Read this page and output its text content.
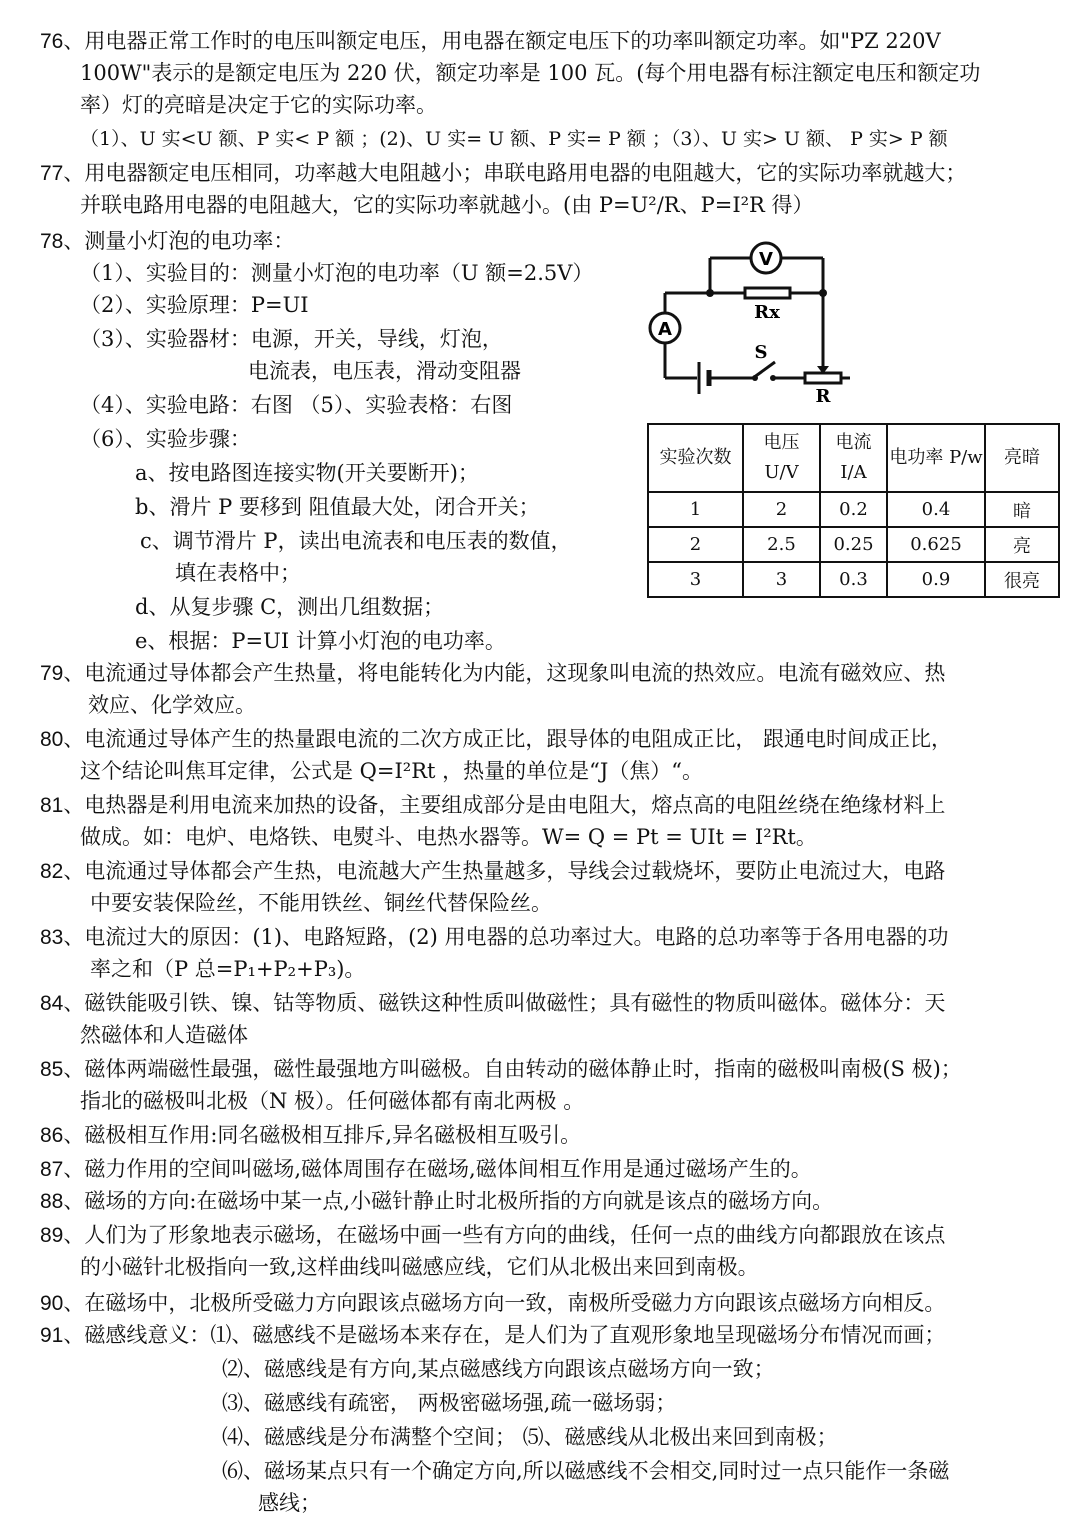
76、用电器正常工作时的电压叫额定电压，用电器在额定电压下的功率叫额定功率。如"PZ 220V
100W"表示的是额定电压为 220 伏，额定功率是 100 瓦。(每个用电器有标注额定电压和额定功
率）灯的亮暗是决定于它的实际功率。
（1）、U 实<U 额、P 实< P 额 ；(2)、U 实= U 额、P 实= P 额 ；（3）、U 实> U 额、 P 实> P 额
77、用电器额定电压相同，功率越大电阻越小；串联电路用电器的电阻越大，它的实际功率就越大；
并联电路用电器的电阻越大，它的实际功率就越小。(由 P=U²/R、P=I²R 得）
78、测量小灯泡的电功率：
（1）、实验目的：测量小灯泡的电功率（U 额=2.5V）
（2）、实验原理：P=UI
（3）、实验器材：电源，开关，导线，灯泡，
电流表，电压表，滑动变阻器
（4）、实验电路：右图 （5）、实验表格：右图
（6）、实验步骤：
a、按电路图连接实物(开关要断开)；
b、滑片 P 要移到 阻值最大处，闭合开关；
c、调节滑片 P，读出电流表和电压表的数值，
填在表格中；
d、从复步骤 C，测出几组数据；
e、根据：P=UI 计算小灯泡的电功率。
79、电流通过导体都会产生热量，将电能转化为内能，这现象叫电流的热效应。电流有磁效应、热
效应、化学效应。
80、电流通过导体产生的热量跟电流的二次方成正比，跟导体的电阻成正比， 跟通电时间成正比，
这个结论叫焦耳定律，公式是 Q=I²Rt ，热量的单位是“J（焦）“。
81、电热器是利用电流来加热的设备，主要组成部分是由电阻大，熔点高的电阻丝绕在绝缘材料上
做成。如：电炉、电烙铁、电熨斗、电热水器等。W= Q = Pt = UIt = I²Rt。
82、电流通过导体都会产生热，电流越大产生热量越多，导线会过载烧坏，要防止电流过大，电路
中要安装保险丝，不能用铁丝、铜丝代替保险丝。
83、电流过大的原因：(1)、电路短路，(2) 用电器的总功率过大。电路的总功率等于各用电器的功
率之和（P 总=P₁+P₂+P₃)。
84、磁铁能吸引铁、镍、钴等物质、磁铁这种性质叫做磁性；具有磁性的物质叫磁体。磁体分：天
然磁体和人造磁体
85、磁体两端磁性最强，磁性最强地方叫磁极。自由转动的磁体静止时，指南的磁极叫南极(S 极)；
指北的磁极叫北极（N 极）。任何磁体都有南北两极 。
86、磁极相互作用:同名磁极相互排斥,异名磁极相互吸引。
87、磁力作用的空间叫磁场,磁体周围存在磁场,磁体间相互作用是通过磁场产生的。
88、磁场的方向:在磁场中某一点,小磁针静止时北极所指的方向就是该点的磁场方向。
89、人们为了形象地表示磁场，在磁场中画一些有方向的曲线，任何一点的曲线方向都跟放在该点
的小磁针北极指向一致,这样曲线叫磁感应线，它们从北极出来回到南极。
90、在磁场中，北极所受磁力方向跟该点磁场方向一致，南极所受磁力方向跟该点磁场方向相反。
91、磁感线意义：⑴、磁感线不是磁场本来存在，是人们为了直观形象地呈现磁场分布情况而画；
⑵、磁感线是有方向,某点磁感线方向跟该点磁场方向一致；
⑶、磁感线有疏密， 两极密磁场强,疏一磁场弱；
⑷、磁感线是分布满整个空间； ⑸、磁感线从北极出来回到南极；
⑹、磁场某点只有一个确定方向,所以磁感线不会相交,同时过一点只能作一条磁
感线；
V
Rx
A
S
R
实验次数	电压 U/V	电流 I/A	电功率 P/w	亮暗
1	2	0.2	0.4	暗
2	2.5	0.25	0.625	亮
3	3	0.3	0.9	很亮
